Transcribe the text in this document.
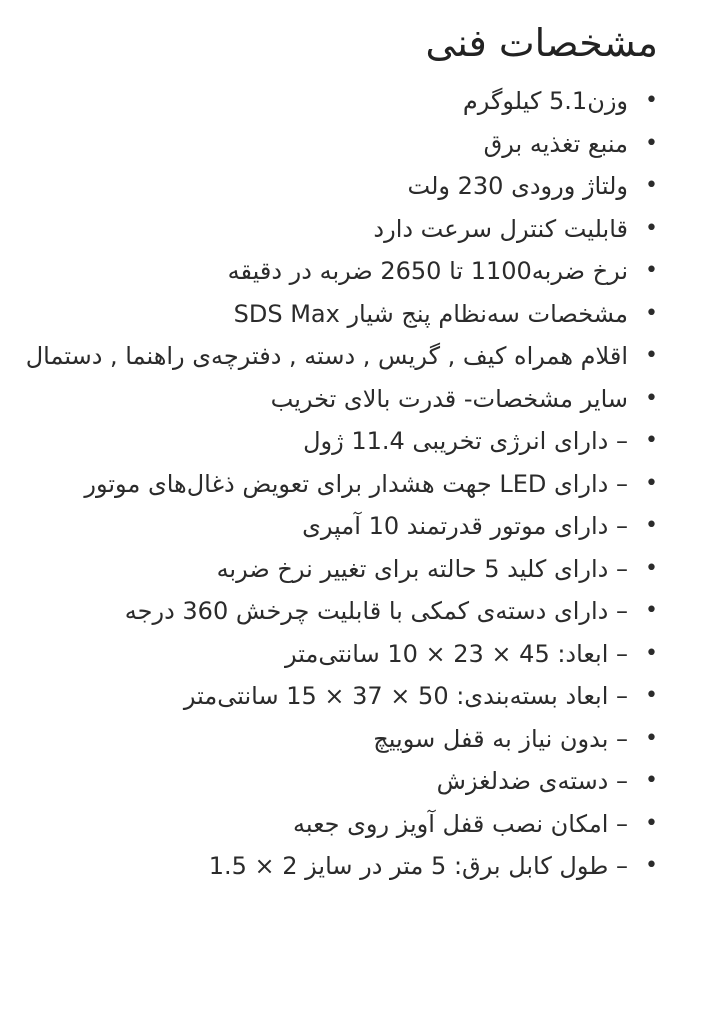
مشخصات فنی
•
وزن5.1 کیلوگرم
•
منبع تغذیه برق
•
ولتاژ ورودی 230 ولت
•
قابلیت کنترل سرعت دارد
•
نرخ ضربه1100 تا 2650 ضربه در دقیقه
•
مشخصات سه‌نظام پنج شیار SDS Max
•
اقلام همراه کیف , گریس , دسته , دفترچه‌ی راهنما , دستمال
•
سایر مشخصات- قدرت بالای تخریب
•
– دارای انرژی تخریبی 11.4 ژول
•
– دارای LED جهت هشدار برای تعویض ذغال‌های موتور
•
– دارای موتور قدرتمند 10 آمپری
•
– دارای کلید 5 حالته برای تغییر نرخ ضربه
•
– دارای دسته‌ی کمکی با قابلیت چرخش 360 درجه
•
– ابعاد: 45 × 23 × 10 سانتی‌متر
•
– ابعاد بسته‌بندی: 50 × 37 × 15 سانتی‌متر
•
– بدون نیاز به قفل سوییچ
•
– دسته‌ی ضدلغزش
•
– امکان نصب قفل آویز روی جعبه
•
– طول کابل برق: 5 متر در سایز 2 × 1.5
